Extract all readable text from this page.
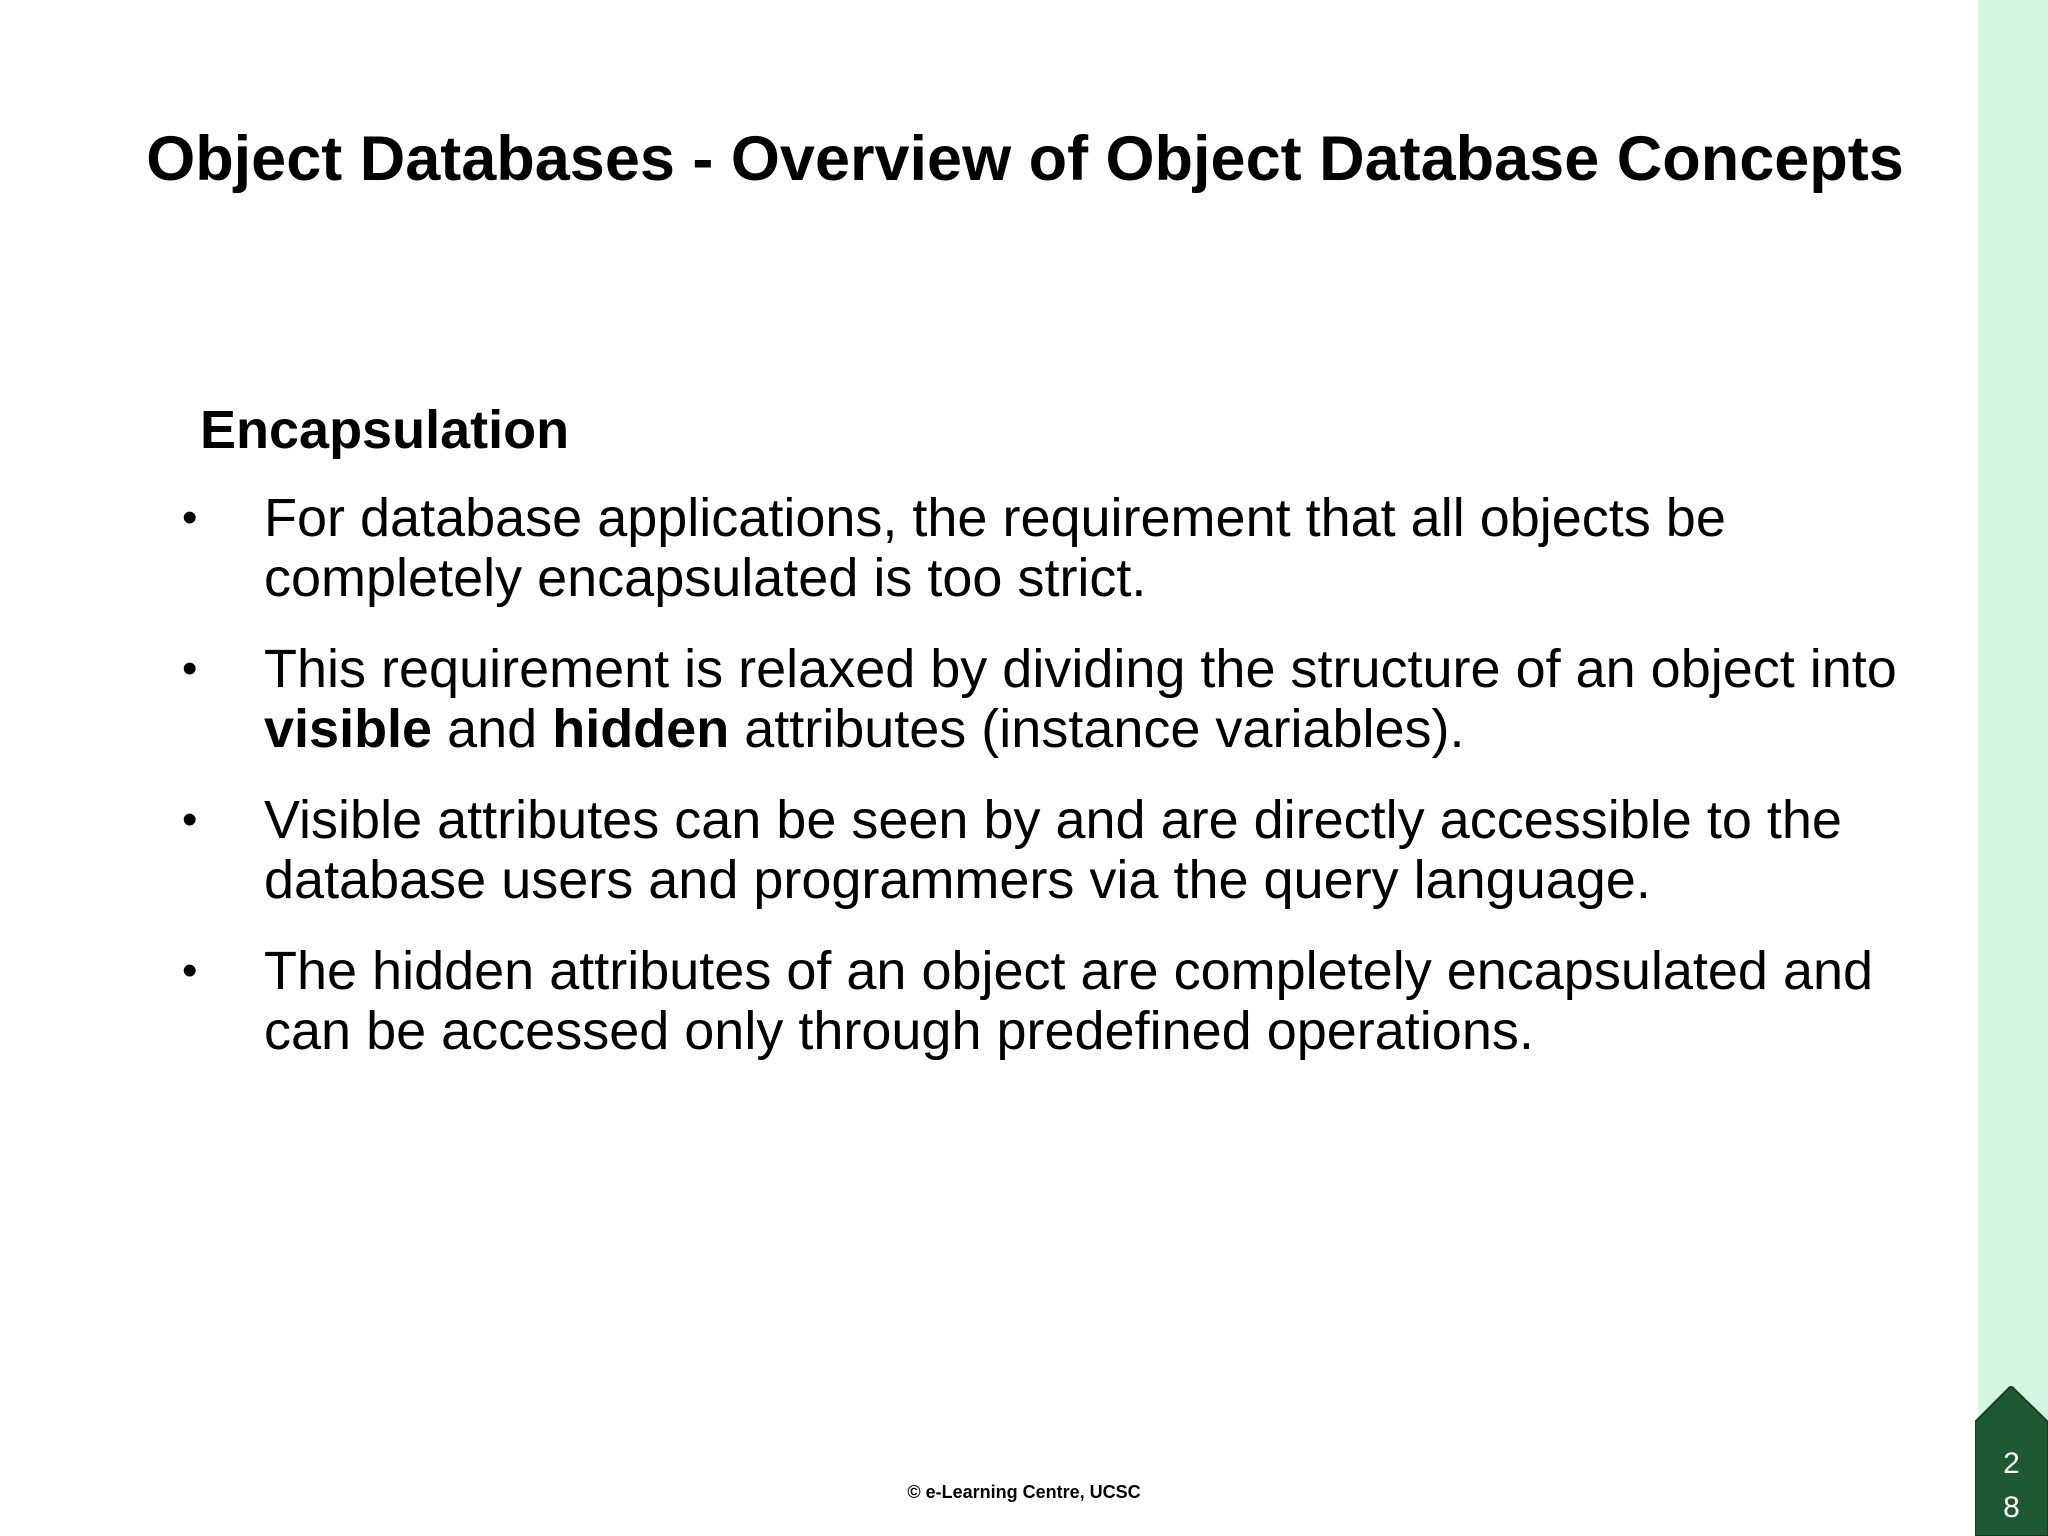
Object Databases - Overview of Object Database Concepts
Encapsulation
• For database applications, the requirement that all objects be completely encapsulated is too strict.
• This requirement is relaxed by dividing the structure of an object into visible and hidden attributes (instance variables).
• Visible attributes can be seen by and are directly accessible to the database users and programmers via the query language.
• The hidden attributes of an object are completely encapsulated and can be accessed only through predefined operations.
© e-Learning Centre, UCSC
2
8
